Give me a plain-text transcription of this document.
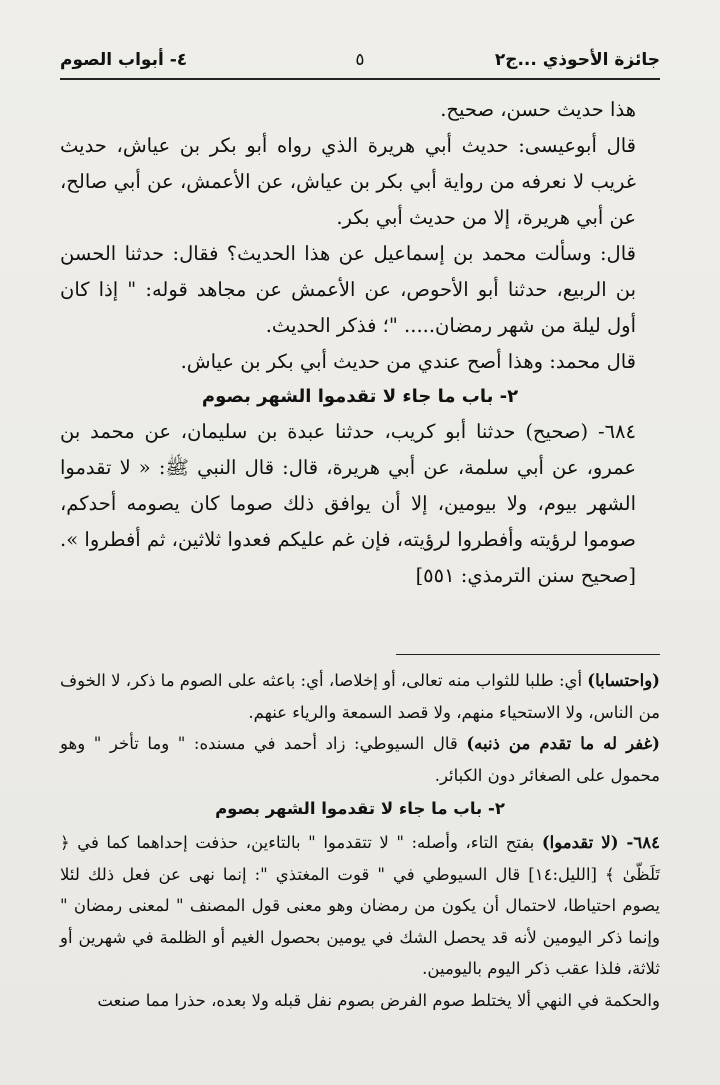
جائزة الأحوذي ...ج٢
٥
٤- أبواب الصوم

هذا حديث حسن، صحيح.

قال أبوعيسى: حديث أبي هريرة الذي رواه أبو بكر بن عياش، حديث غريب لا نعرفه من رواية أبي بكر بن عياش، عن الأعمش، عن أبي صالح، عن أبي هريرة، إلا من حديث أبي بكر.

قال: وسألت محمد بن إسماعيل عن هذا الحديث؟ فقال: حدثنا الحسن بن الربيع، حدثنا أبو الأحوص، عن الأعمش عن مجاهد قوله: " إذا كان أول ليلة من شهر رمضان..... "؛ فذكر الحديث.

قال محمد: وهذا أصح عندي من حديث أبي بكر بن عياش.

٢- باب ما جاء لا تقدموا الشهر بصوم

٦٨٤- (صحيح) حدثنا أبو كريب، حدثنا عبدة بن سليمان، عن محمد بن عمرو، عن أبي سلمة، عن أبي هريرة، قال: قال النبي ﷺ: « لا تقدموا الشهر بيوم، ولا بيومين، إلا أن يوافق ذلك صوما كان يصومه أحدكم، صوموا لرؤيته وأفطروا لرؤيته، فإن غم عليكم فعدوا ثلاثين، ثم أفطروا ». [صحيح سنن الترمذي: ٥٥١]

(واحتسابا) أي: طلبا للثواب منه تعالى، أو إخلاصا، أي: باعثه على الصوم ما ذكر، لا الخوف من الناس، ولا الاستحياء منهم، ولا قصد السمعة والرياء عنهم.

(غفر له ما تقدم من ذنبه) قال السيوطي: زاد أحمد في مسنده: " وما تأخر " وهو محمول على الصغائر دون الكبائر.

٢- باب ما جاء لا تقدموا الشهر بصوم

٦٨٤- (لا تقدموا) بفتح التاء، وأصله: " لا تتقدموا " بالتاءين، حذفت إحداهما كما في ﴿ تَلَظّىٰ ﴾ [الليل:١٤] قال السيوطي في " قوت المغتذي ": إنما نهى عن فعل ذلك لئلا يصوم احتياطا، لاحتمال أن يكون من رمضان وهو معنى قول المصنف " لمعنى رمضان " وإنما ذكر اليومين لأنه قد يحصل الشك في يومين بحصول الغيم أو الظلمة في شهرين أو ثلاثة، فلذا عقب ذكر اليوم باليومين.

والحكمة في النهي ألا يختلط صوم الفرض بصوم نفل قبله ولا بعده، حذرا مما صنعت
